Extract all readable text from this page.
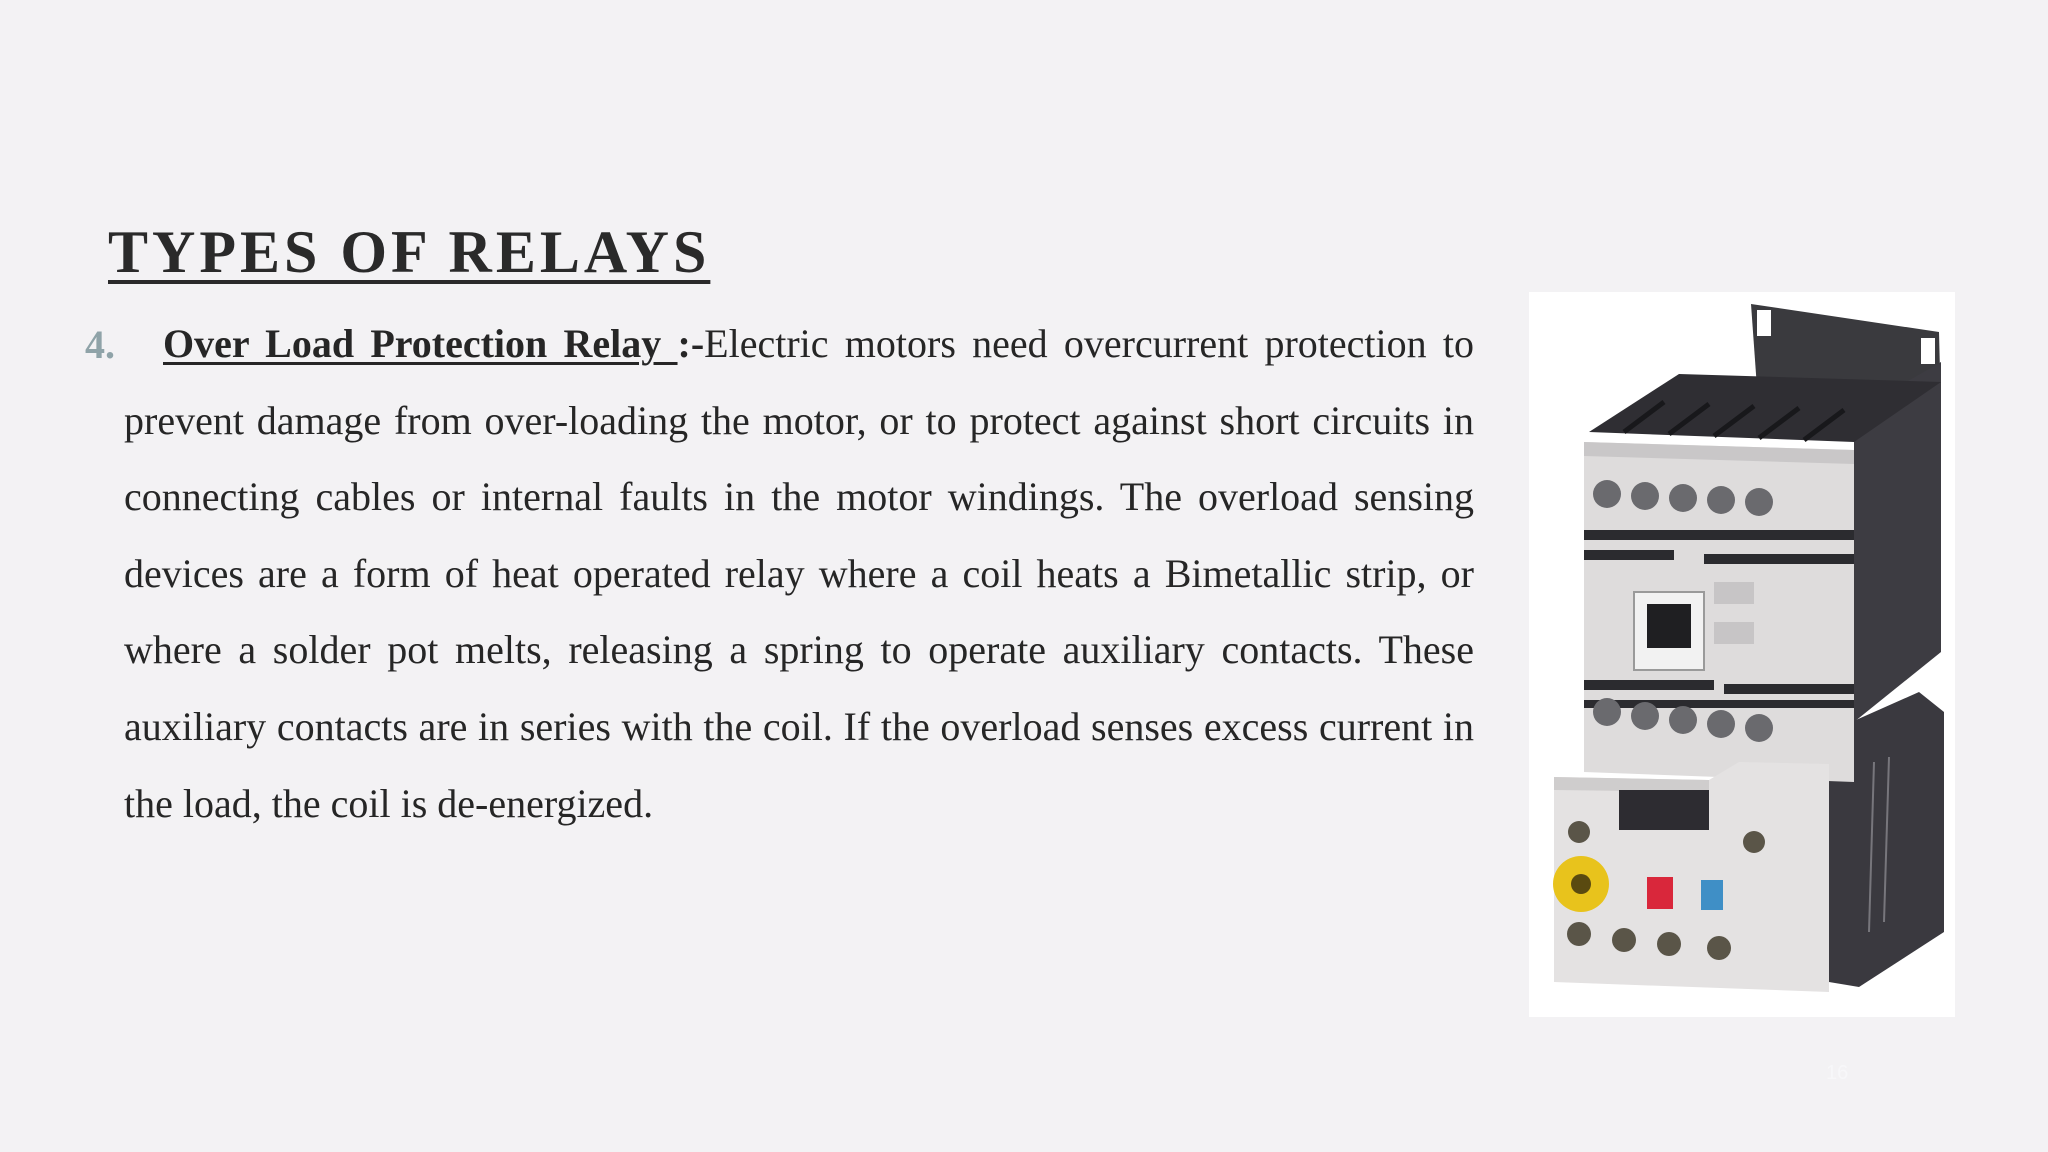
TYPES OF RELAYS
4.	Over Load Protection Relay :-Electric motors need overcurrent protection to prevent damage from over-loading the motor, or to protect against short circuits in connecting cables or internal faults in the motor windings. The overload sensing devices are a form of heat operated relay where a coil heats a Bimetallic strip, or where a solder pot melts, releasing a spring to operate auxiliary contacts. These auxiliary contacts are in series with the coil. If the overload senses excess current in the load, the coil is de-energized.

16
